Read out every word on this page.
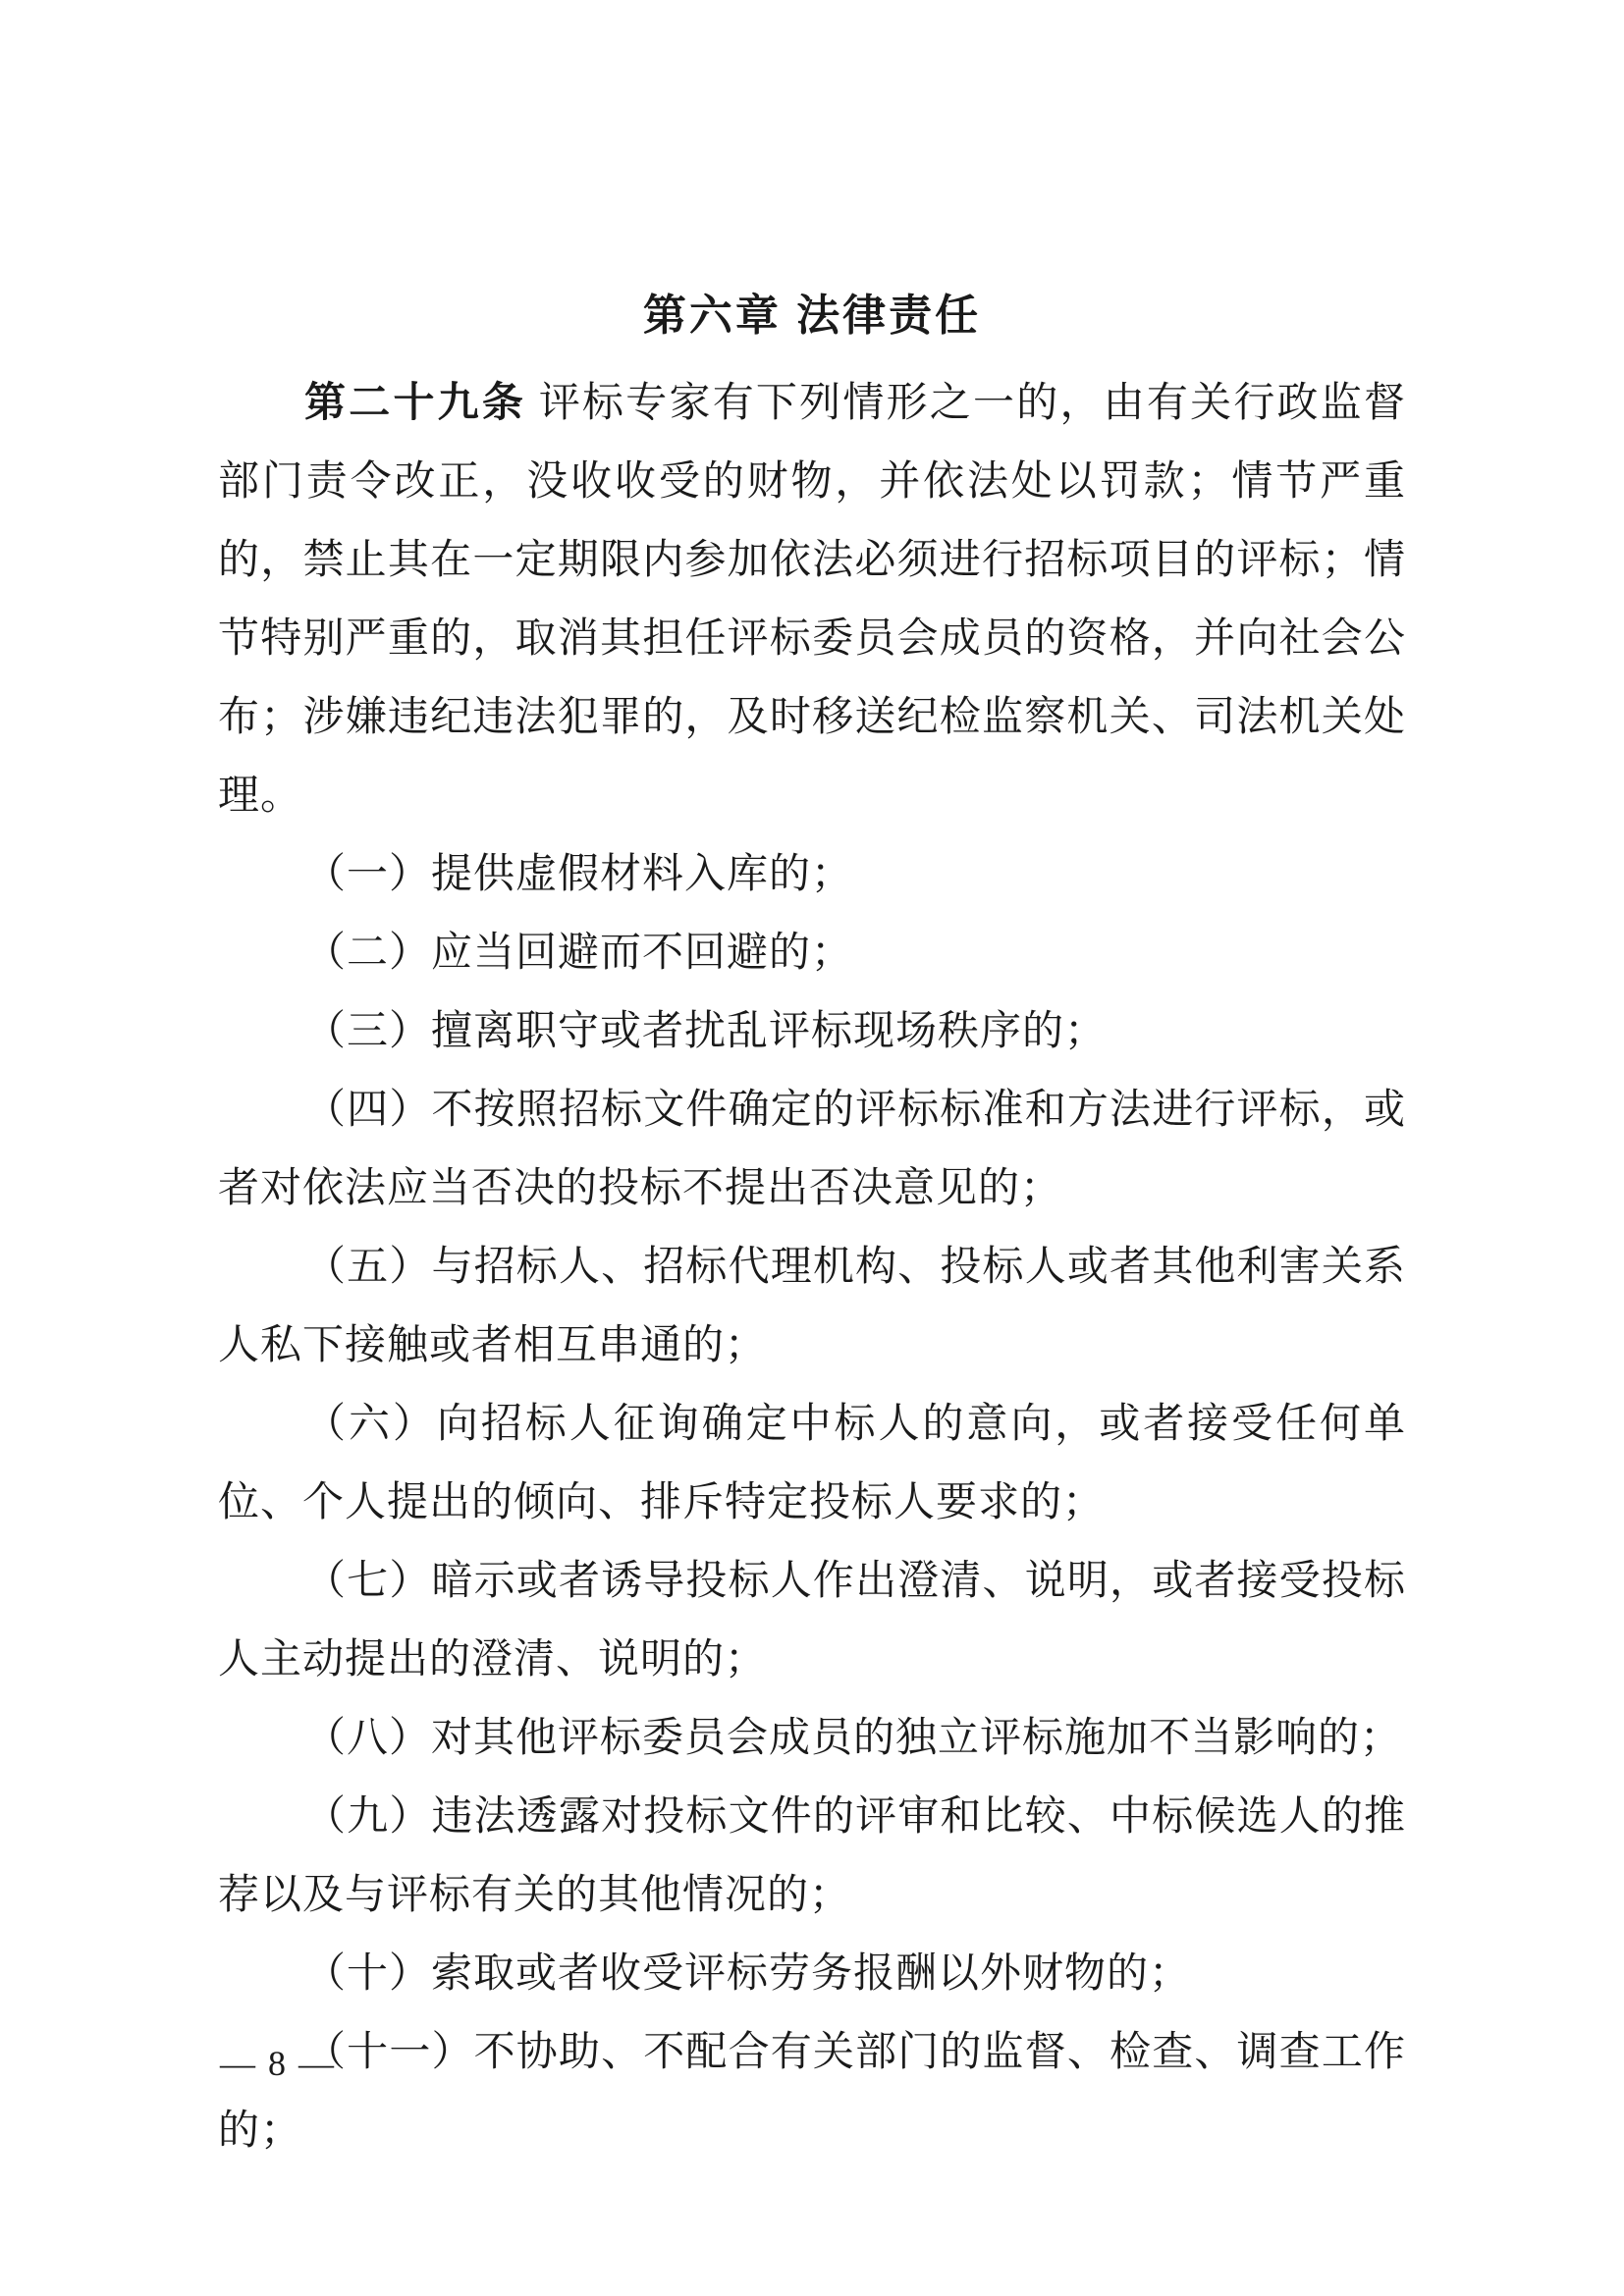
第六章 法律责任

第二十九条 评标专家有下列情形之一的，由有关行政监督部门责令改正，没收收受的财物，并依法处以罚款；情节严重的，禁止其在一定期限内参加依法必须进行招标项目的评标；情节特别严重的，取消其担任评标委员会成员的资格，并向社会公布；涉嫌违纪违法犯罪的，及时移送纪检监察机关、司法机关处理。

（一）提供虚假材料入库的；

（二）应当回避而不回避的；

（三）擅离职守或者扰乱评标现场秩序的；

（四）不按照招标文件确定的评标标准和方法进行评标，或者对依法应当否决的投标不提出否决意见的；

（五）与招标人、招标代理机构、投标人或者其他利害关系人私下接触或者相互串通的；

（六）向招标人征询确定中标人的意向，或者接受任何单位、个人提出的倾向、排斥特定投标人要求的；

（七）暗示或者诱导投标人作出澄清、说明，或者接受投标人主动提出的澄清、说明的；

（八）对其他评标委员会成员的独立评标施加不当影响的；

（九）违法透露对投标文件的评审和比较、中标候选人的推荐以及与评标有关的其他情况的；

（十）索取或者收受评标劳务报酬以外财物的；

（十一）不协助、不配合有关部门的监督、检查、调查工作的；

— 8 —
